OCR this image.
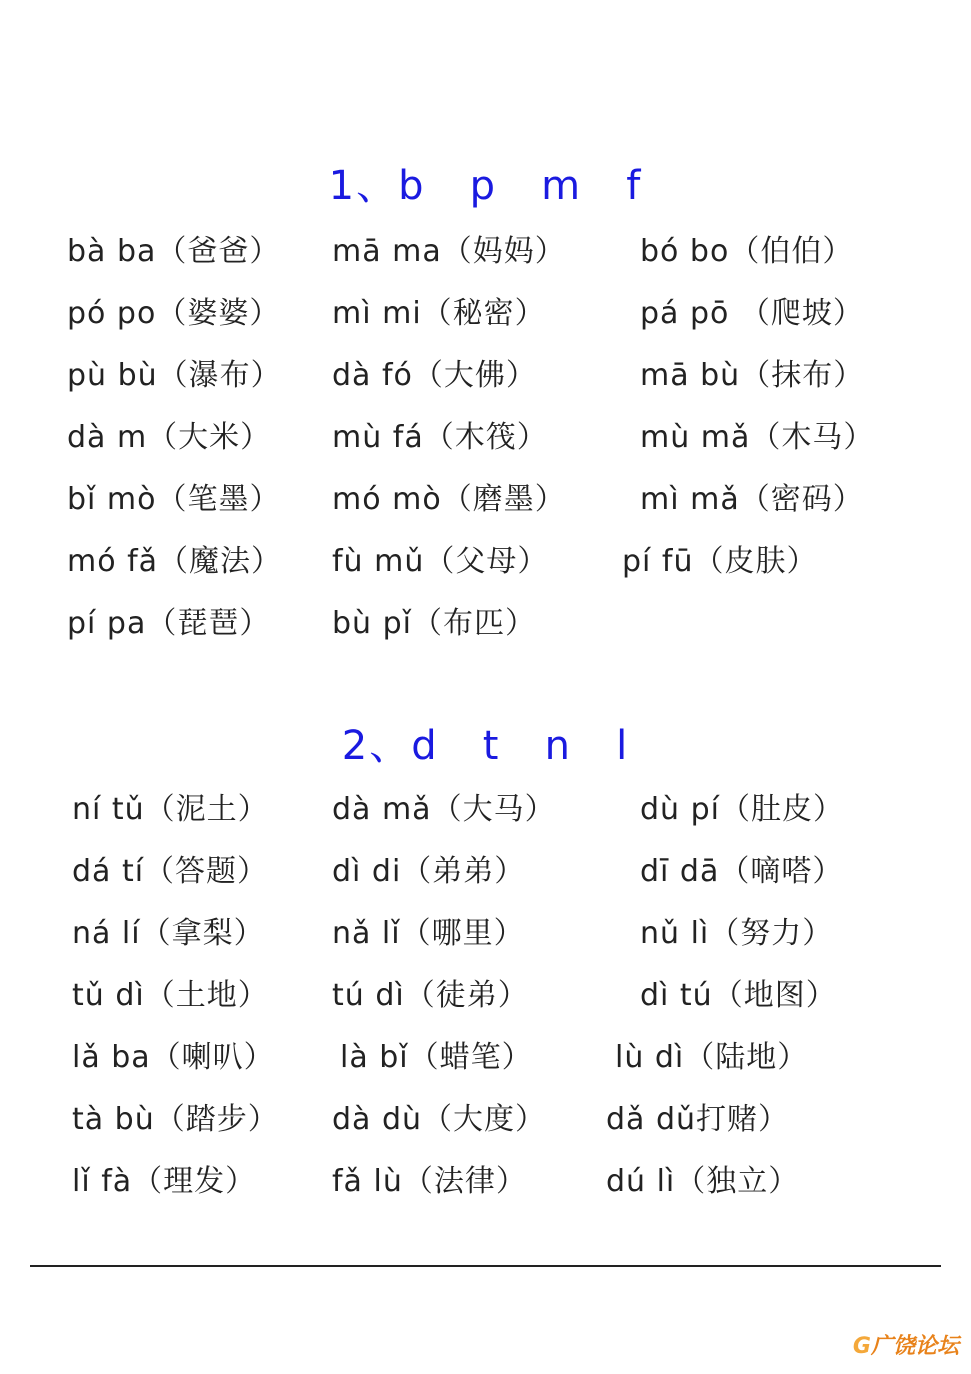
1、b   p   m   f
bà ba（爸爸） mā ma（妈妈） bó bo（伯伯）
pó po（婆婆） mì mi（秘密）	pá pō （爬坡）
pù bù（瀑布） dà fó（大佛）	mā bù（抹布）
dà m（大米） mù fá（木筏）	mù mǎ（木马）
bǐ mò（笔墨） mó mò（磨墨） mì mǎ（密码）
mó fǎ（魔法） fù mǔ（父母） pí fū（皮肤）
pí pa（琵琶） bù pǐ（布匹）
2、d   t   n   l
ní tǔ（泥土） dà mǎ（大马）	dù pí（肚皮）
dá tí（答题） dì di（弟弟）	dī dā（嘀嗒）
ná lí（拿梨） nǎ lǐ（哪里）	nǔ lì（努力）
tǔ dì（土地） tú dì（徒弟）	dì tú（地图）
lǎ ba（喇叭） là bǐ（蜡笔）	lù dì（陆地）
tà bù（踏步） dà dù（大度） dǎ dǔ打赌）
lǐ fà（理发）	fǎ lù（法律）	dú lì（独立）
G广饶论坛
